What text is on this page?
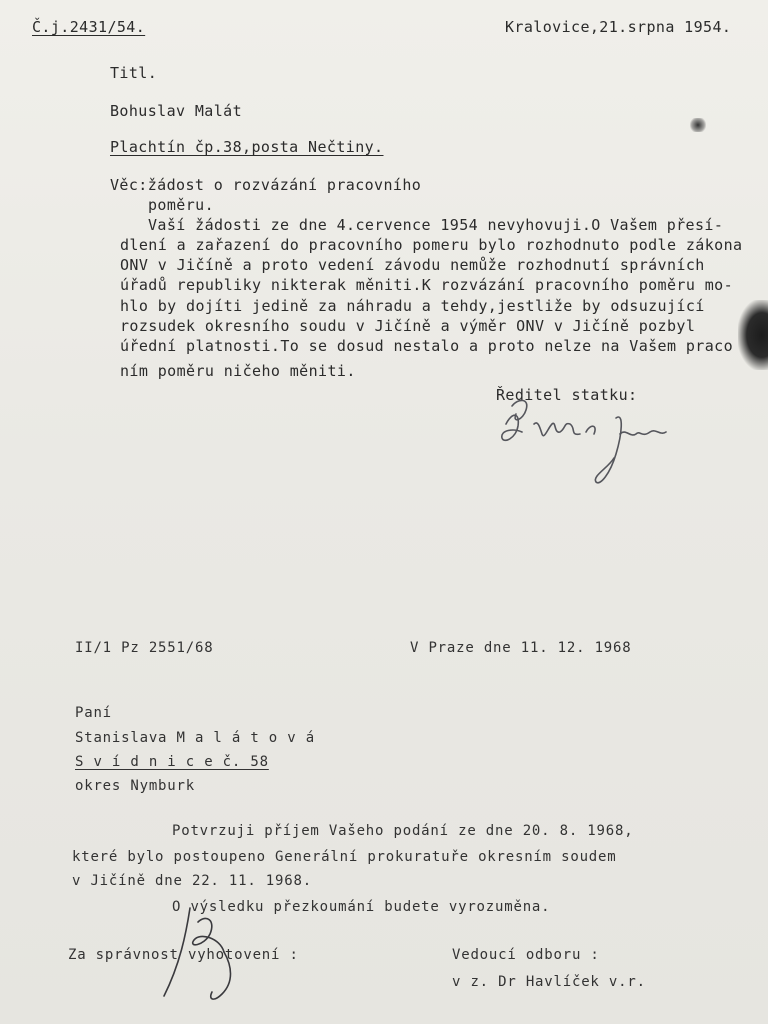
Č.j.2431/54.	Kralovice,21.srpna 1954.
Titl.
Bohuslav Malát
Plachtín čp.38,posta Nečtiny.
Věc:žádost o rozvázání pracovního
poměru.
Vaší žádosti ze dne 4.cervence 1954 nevyhovuji.O Vašem přesí-
dlení a zařazení do pracovního pomeru bylo rozhodnuto podle zákona
ONV v Jičíně a proto vedení závodu nemůže rozhodnutí správních
úřadů republiky nikterak měniti.K rozvázání pracovního poměru mo-
hlo by dojíti jedině za náhradu a tehdy,jestliže by odsuzující
rozsudek okresního soudu v Jičíně a výměr ONV v Jičíně pozbyl
úřední platnosti.To se dosud nestalo a proto nelze na Vašem praco
ním poměru ničeho měniti.
Ředitel statku:
II/1 Pz 2551/68	V Praze dne 11. 12. 1968
Paní
Stanislava M a l á t o v á
S v í d n i c e č. 58
okres Nymburk
Potvrzuji příjem Vašeho podání ze dne 20. 8. 1968,
které bylo postoupeno Generální prokuratuře okresním soudem
v Jičíně dne 22. 11. 1968.
O výsledku přezkoumání budete vyrozuměna.
Za správnost vyhotovení :	Vedoucí odboru :
v z. Dr Havlíček v.r.
